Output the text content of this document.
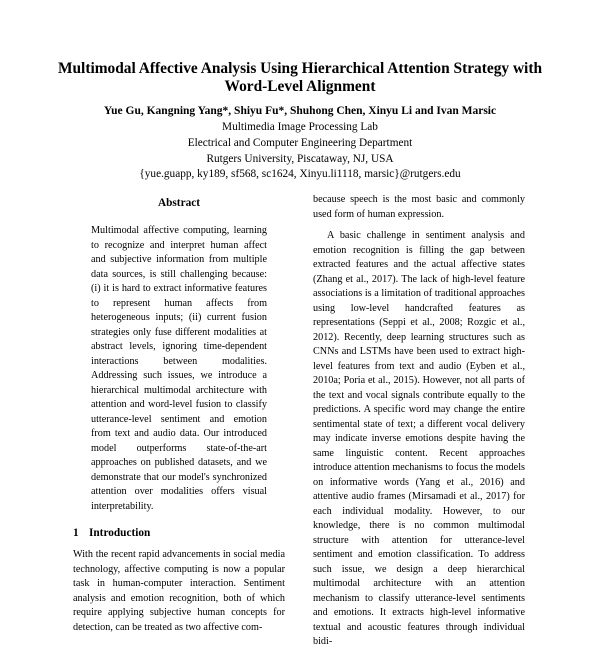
Multimodal Affective Analysis Using Hierarchical Attention Strategy with
Word-Level Alignment
Yue Gu, Kangning Yang*, Shiyu Fu*, Shuhong Chen, Xinyu Li and Ivan Marsic
Multimedia Image Processing Lab
Electrical and Computer Engineering Department
Rutgers University, Piscataway, NJ, USA
{yue.guapp, ky189, sf568, sc1624, Xinyu.li1118, marsic}@rutgers.edu
Abstract

Multimodal affective computing, learning to recognize and interpret human affect and subjective information from multiple data sources, is still challenging because: (i) it is hard to extract informative features to represent human affects from heterogeneous inputs; (ii) current fusion strategies only fuse different modalities at abstract levels, ignoring time-dependent interactions between modalities. Addressing such issues, we introduce a hierarchical multimodal architecture with attention and word-level fusion to classify utterance-level sentiment and emotion from text and audio data. Our introduced model outperforms state-of-the-art approaches on published datasets, and we demonstrate that our model's synchronized attention over modalities offers visual interpretability.

1 Introduction

With the recent rapid advancements in social media technology, affective computing is now a popular task in human-computer interaction. Sentiment analysis and emotion recognition, both of which require applying subjective human concepts for detection, can be treated as two affective com-

because speech is the most basic and commonly used form of human expression.

A basic challenge in sentiment analysis and emotion recognition is filling the gap between extracted features and the actual affective states (Zhang et al., 2017). The lack of high-level feature associations is a limitation of traditional approaches using low-level handcrafted features as representations (Seppi et al., 2008; Rozgic et al., 2012). Recently, deep learning structures such as CNNs and LSTMs have been used to extract high-level features from text and audio (Eyben et al., 2010a; Poria et al., 2015). However, not all parts of the text and vocal signals contribute equally to the predictions. A specific word may change the entire sentimental state of text; a different vocal delivery may indicate inverse emotions despite having the same linguistic content. Recent approaches introduce attention mechanisms to focus the models on informative words (Yang et al., 2016) and attentive audio frames (Mirsamadi et al., 2017) for each individual modality. However, to our knowledge, there is no common multimodal structure with attention for utterance-level sentiment and emotion classification. To address such issue, we design a deep hierarchical multimodal architecture with an attention mechanism to classify utterance-level sentiments and emotions. It extracts high-level informative textual and acoustic features through individual bidi-
